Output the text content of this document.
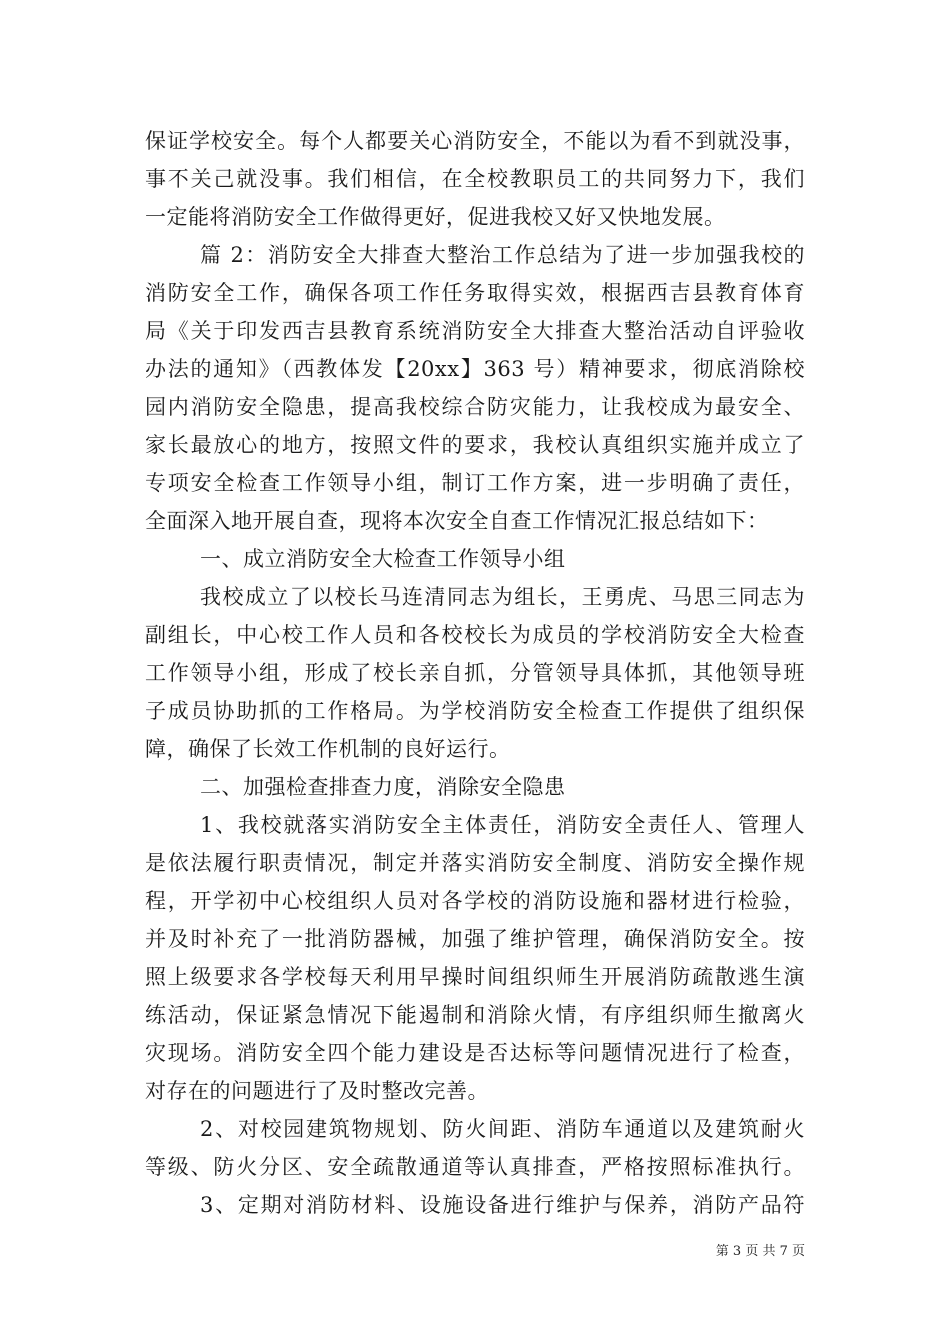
保证学校安全。每个人都要关心消防安全，不能以为看不到就没事，
事不关己就没事。我们相信，在全校教职员工的共同努力下，我们
一定能将消防安全工作做得更好，促进我校又好又快地发展。
篇 2：消防安全大排查大整治工作总结为了进一步加强我校的
消防安全工作，确保各项工作任务取得实效，根据西吉县教育体育
局《关于印发西吉县教育系统消防安全大排查大整治活动自评验收
办法的通知》（西教体发【20xx】363 号）精神要求，彻底消除校
园内消防安全隐患，提高我校综合防灾能力，让我校成为最安全、
家长最放心的地方，按照文件的要求，我校认真组织实施并成立了
专项安全检查工作领导小组，制订工作方案，进一步明确了责任，
全面深入地开展自查，现将本次安全自查工作情况汇报总结如下：
一、成立消防安全大检查工作领导小组
我校成立了以校长马连清同志为组长，王勇虎、马思三同志为
副组长，中心校工作人员和各校校长为成员的学校消防安全大检查
工作领导小组，形成了校长亲自抓，分管领导具体抓，其他领导班
子成员协助抓的工作格局。为学校消防安全检查工作提供了组织保
障，确保了长效工作机制的良好运行。
二、加强检查排查力度，消除安全隐患
1、我校就落实消防安全主体责任，消防安全责任人、管理人
是依法履行职责情况，制定并落实消防安全制度、消防安全操作规
程，开学初中心校组织人员对各学校的消防设施和器材进行检验，
并及时补充了一批消防器械，加强了维护管理，确保消防安全。按
照上级要求各学校每天利用早操时间组织师生开展消防疏散逃生演
练活动，保证紧急情况下能遏制和消除火情，有序组织师生撤离火
灾现场。消防安全四个能力建设是否达标等问题情况进行了检查，
对存在的问题进行了及时整改完善。
2、对校园建筑物规划、防火间距、消防车通道以及建筑耐火
等级、防火分区、安全疏散通道等认真排查，严格按照标准执行。
3、定期对消防材料、设施设备进行维护与保养，消防产品符
第 3 页 共 7 页
